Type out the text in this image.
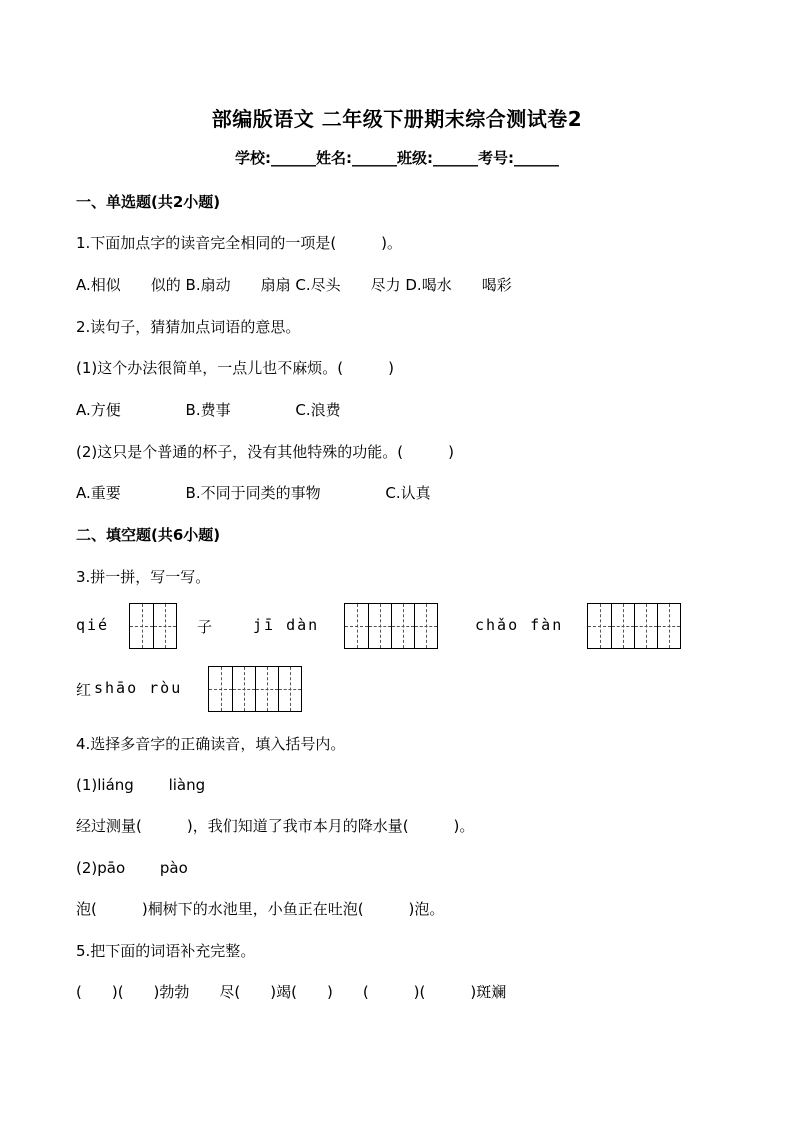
部编版语文 二年级下册期末综合测试卷2
学校:______姓名:______班级:______考号:______
一、单选题(共2小题)
1.下面加点字的读音完全相同的一项是(　　　)。
A.相似　　似的 B.扇动　　扇扇 C.尽头　　尽力 D.喝水　　喝彩
2.读句子，猜猜加点词语的意思。
(1)这个办法很简单，一点儿也不麻烦。(　　　)
A.方便　　　　 B.费事　　　　 C.浪费
(2)这只是个普通的杯子，没有其他特殊的功能。(　　　)
A.重要　　　　 B.不同于同类的事物　　　　 C.认真
二、填空题(共6小题)
3.拼一拼，写一写。
qié	子	jī dàn	chǎo fàn
红 shāo ròu
4.选择多音字的正确读音，填入括号内。
(1)liáng　　 liàng
经过测量(　　　)，我们知道了我市本月的降水量(　　　)。
(2)pāo　　 pào
泡(　　　)桐树下的水池里，小鱼正在吐泡(　　　)泡。
5.把下面的词语补充完整。
(　　)(　　)勃勃　　尽(　　)竭(　　)　　(　　　)(　　　)斑斓
